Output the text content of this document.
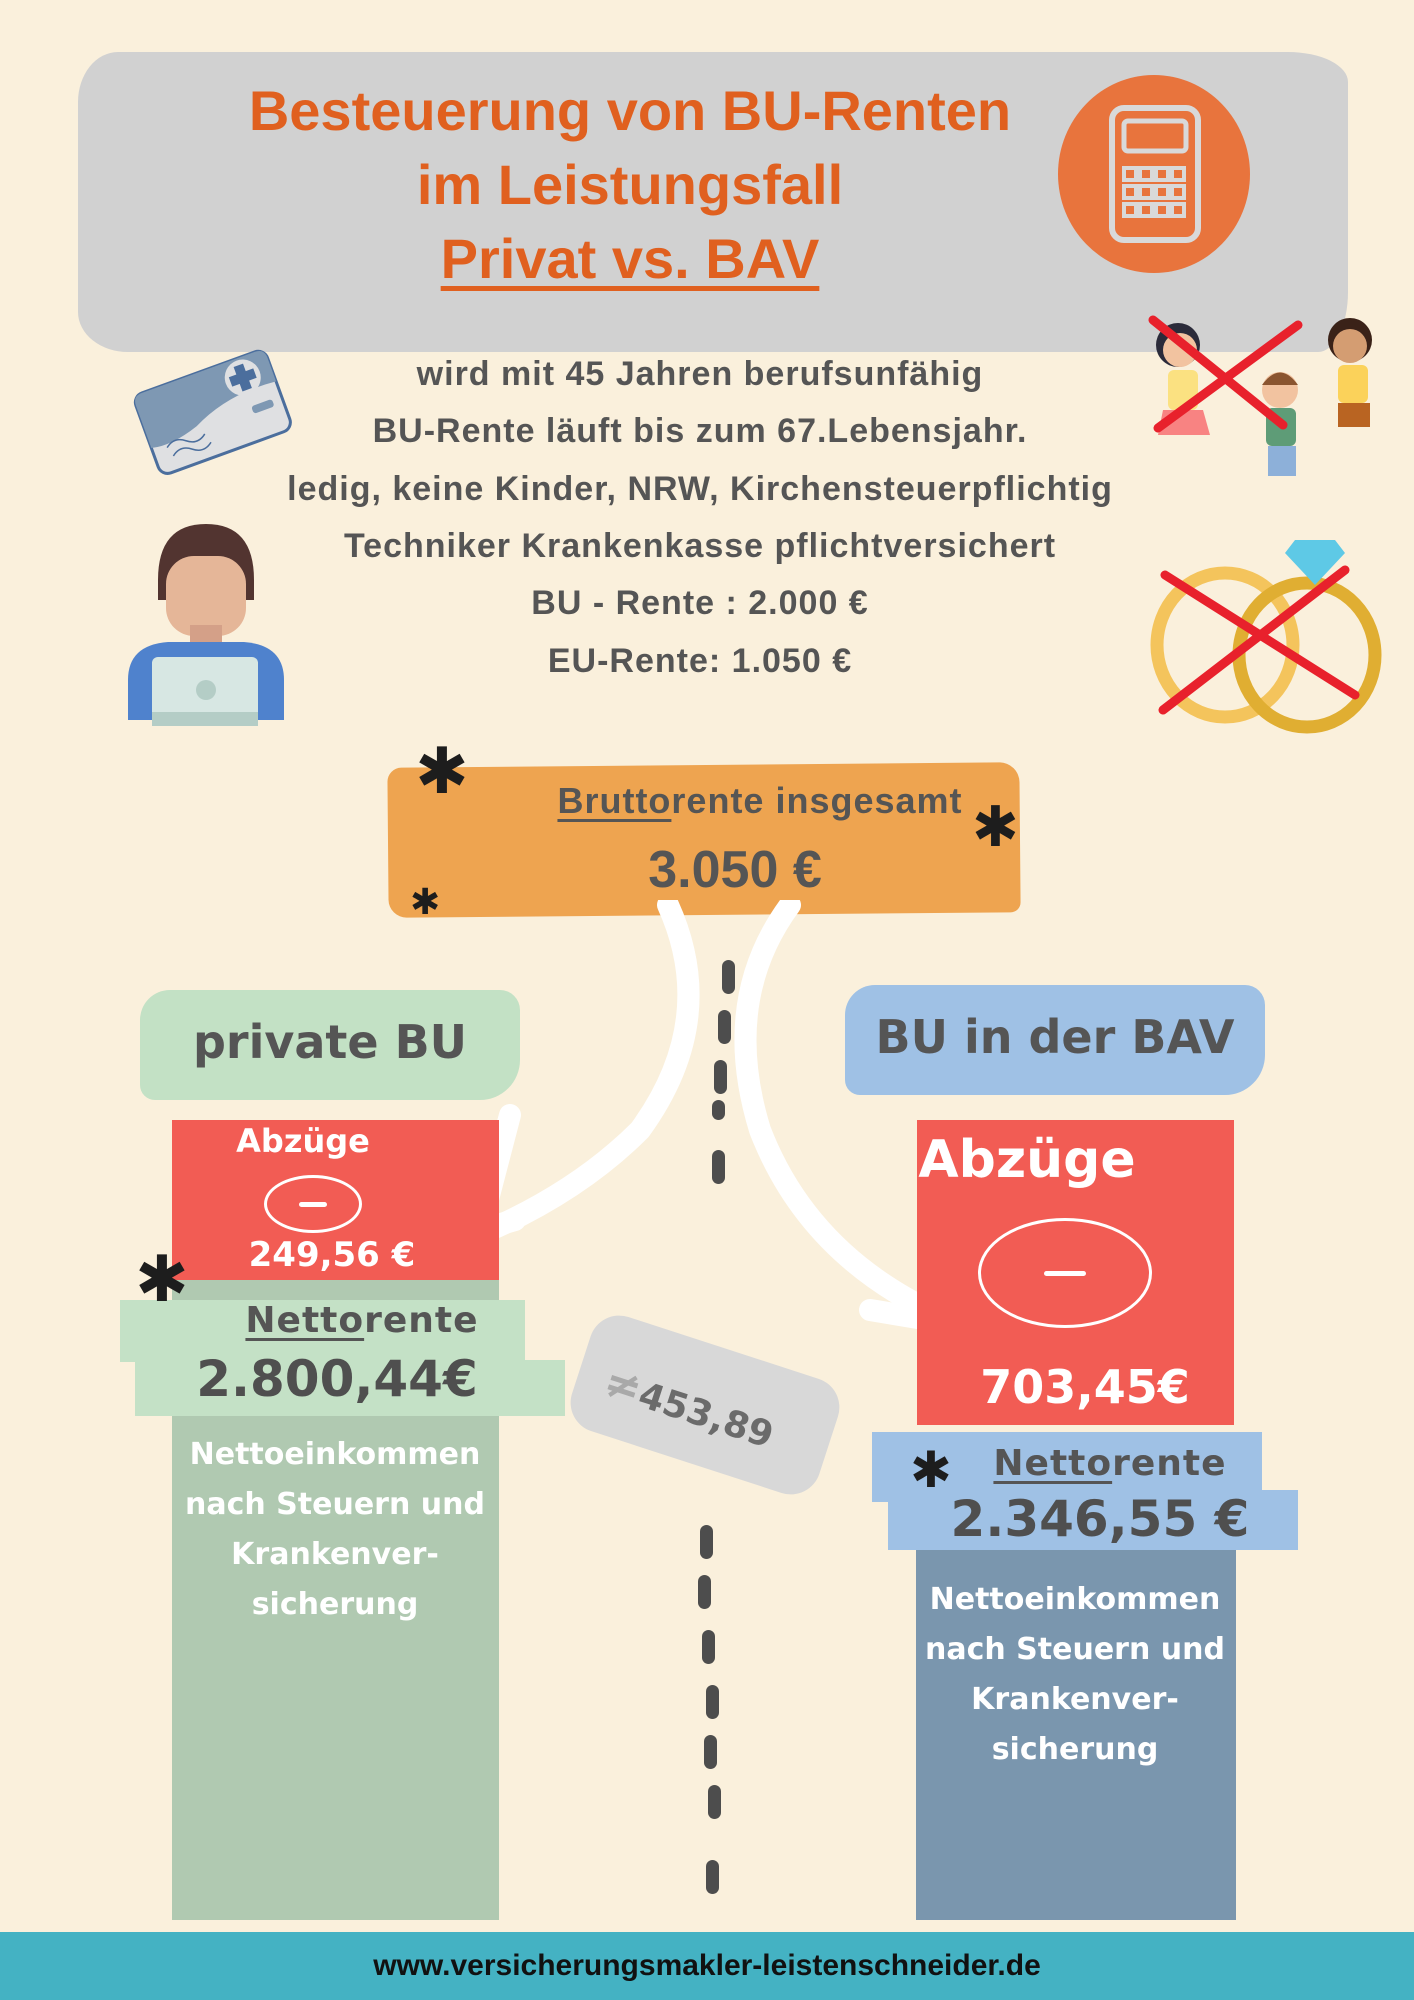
Besteuerung von BU-Renten
im Leistungsfall
Privat vs. BAV
wird mit 45 Jahren berufsunfähig
BU-Rente läuft bis zum 67.Lebensjahr.
ledig, keine Kinder, NRW, Kirchensteuerpflichtig
Techniker Krankenkasse pflichtversichert
BU - Rente : 2.000 €
EU-Rente: 1.050 €
Bruttorente insgesamt
3.050 €
✱
✱
✱
≠453,89
private BU
Abzüge
249,56 €
✱
Nettorente
2.800,44€
Nettoeinkommen
nach Steuern und
Krankenver-
sicherung
BU in der BAV
Abzüge
703,45€
✱	Nettorente
2.346,55 €
Nettoeinkommen
nach Steuern und
Krankenver-
sicherung
www.versicherungsmakler-leistenschneider.de
